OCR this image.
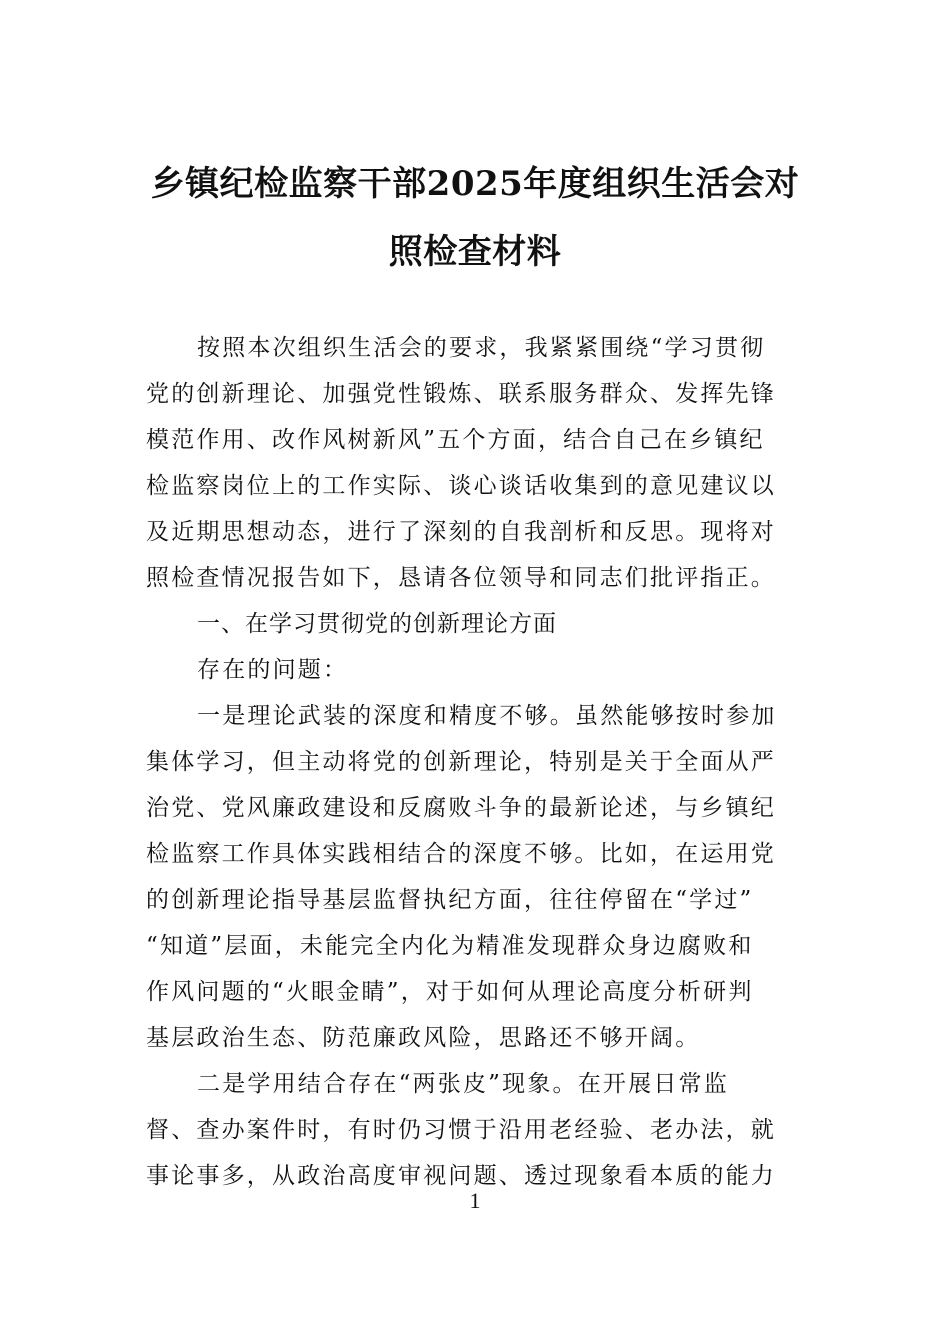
乡镇纪检监察干部2025年度组织生活会对
照检查材料
按照本次组织生活会的要求，我紧紧围绕“学习贯彻
党的创新理论、加强党性锻炼、联系服务群众、发挥先锋
模范作用、改作风树新风”五个方面，结合自己在乡镇纪
检监察岗位上的工作实际、谈心谈话收集到的意见建议以
及近期思想动态，进行了深刻的自我剖析和反思。现将对
照检查情况报告如下，恳请各位领导和同志们批评指正。
一、在学习贯彻党的创新理论方面
存在的问题：
一是理论武装的深度和精度不够。虽然能够按时参加
集体学习，但主动将党的创新理论，特别是关于全面从严
治党、党风廉政建设和反腐败斗争的最新论述，与乡镇纪
检监察工作具体实践相结合的深度不够。比如，在运用党
的创新理论指导基层监督执纪方面，往往停留在“学过”
“知道”层面，未能完全内化为精准发现群众身边腐败和
作风问题的“火眼金睛”，对于如何从理论高度分析研判
基层政治生态、防范廉政风险，思路还不够开阔。
二是学用结合存在“两张皮”现象。在开展日常监
督、查办案件时，有时仍习惯于沿用老经验、老办法，就
事论事多，从政治高度审视问题、透过现象看本质的能力
1
